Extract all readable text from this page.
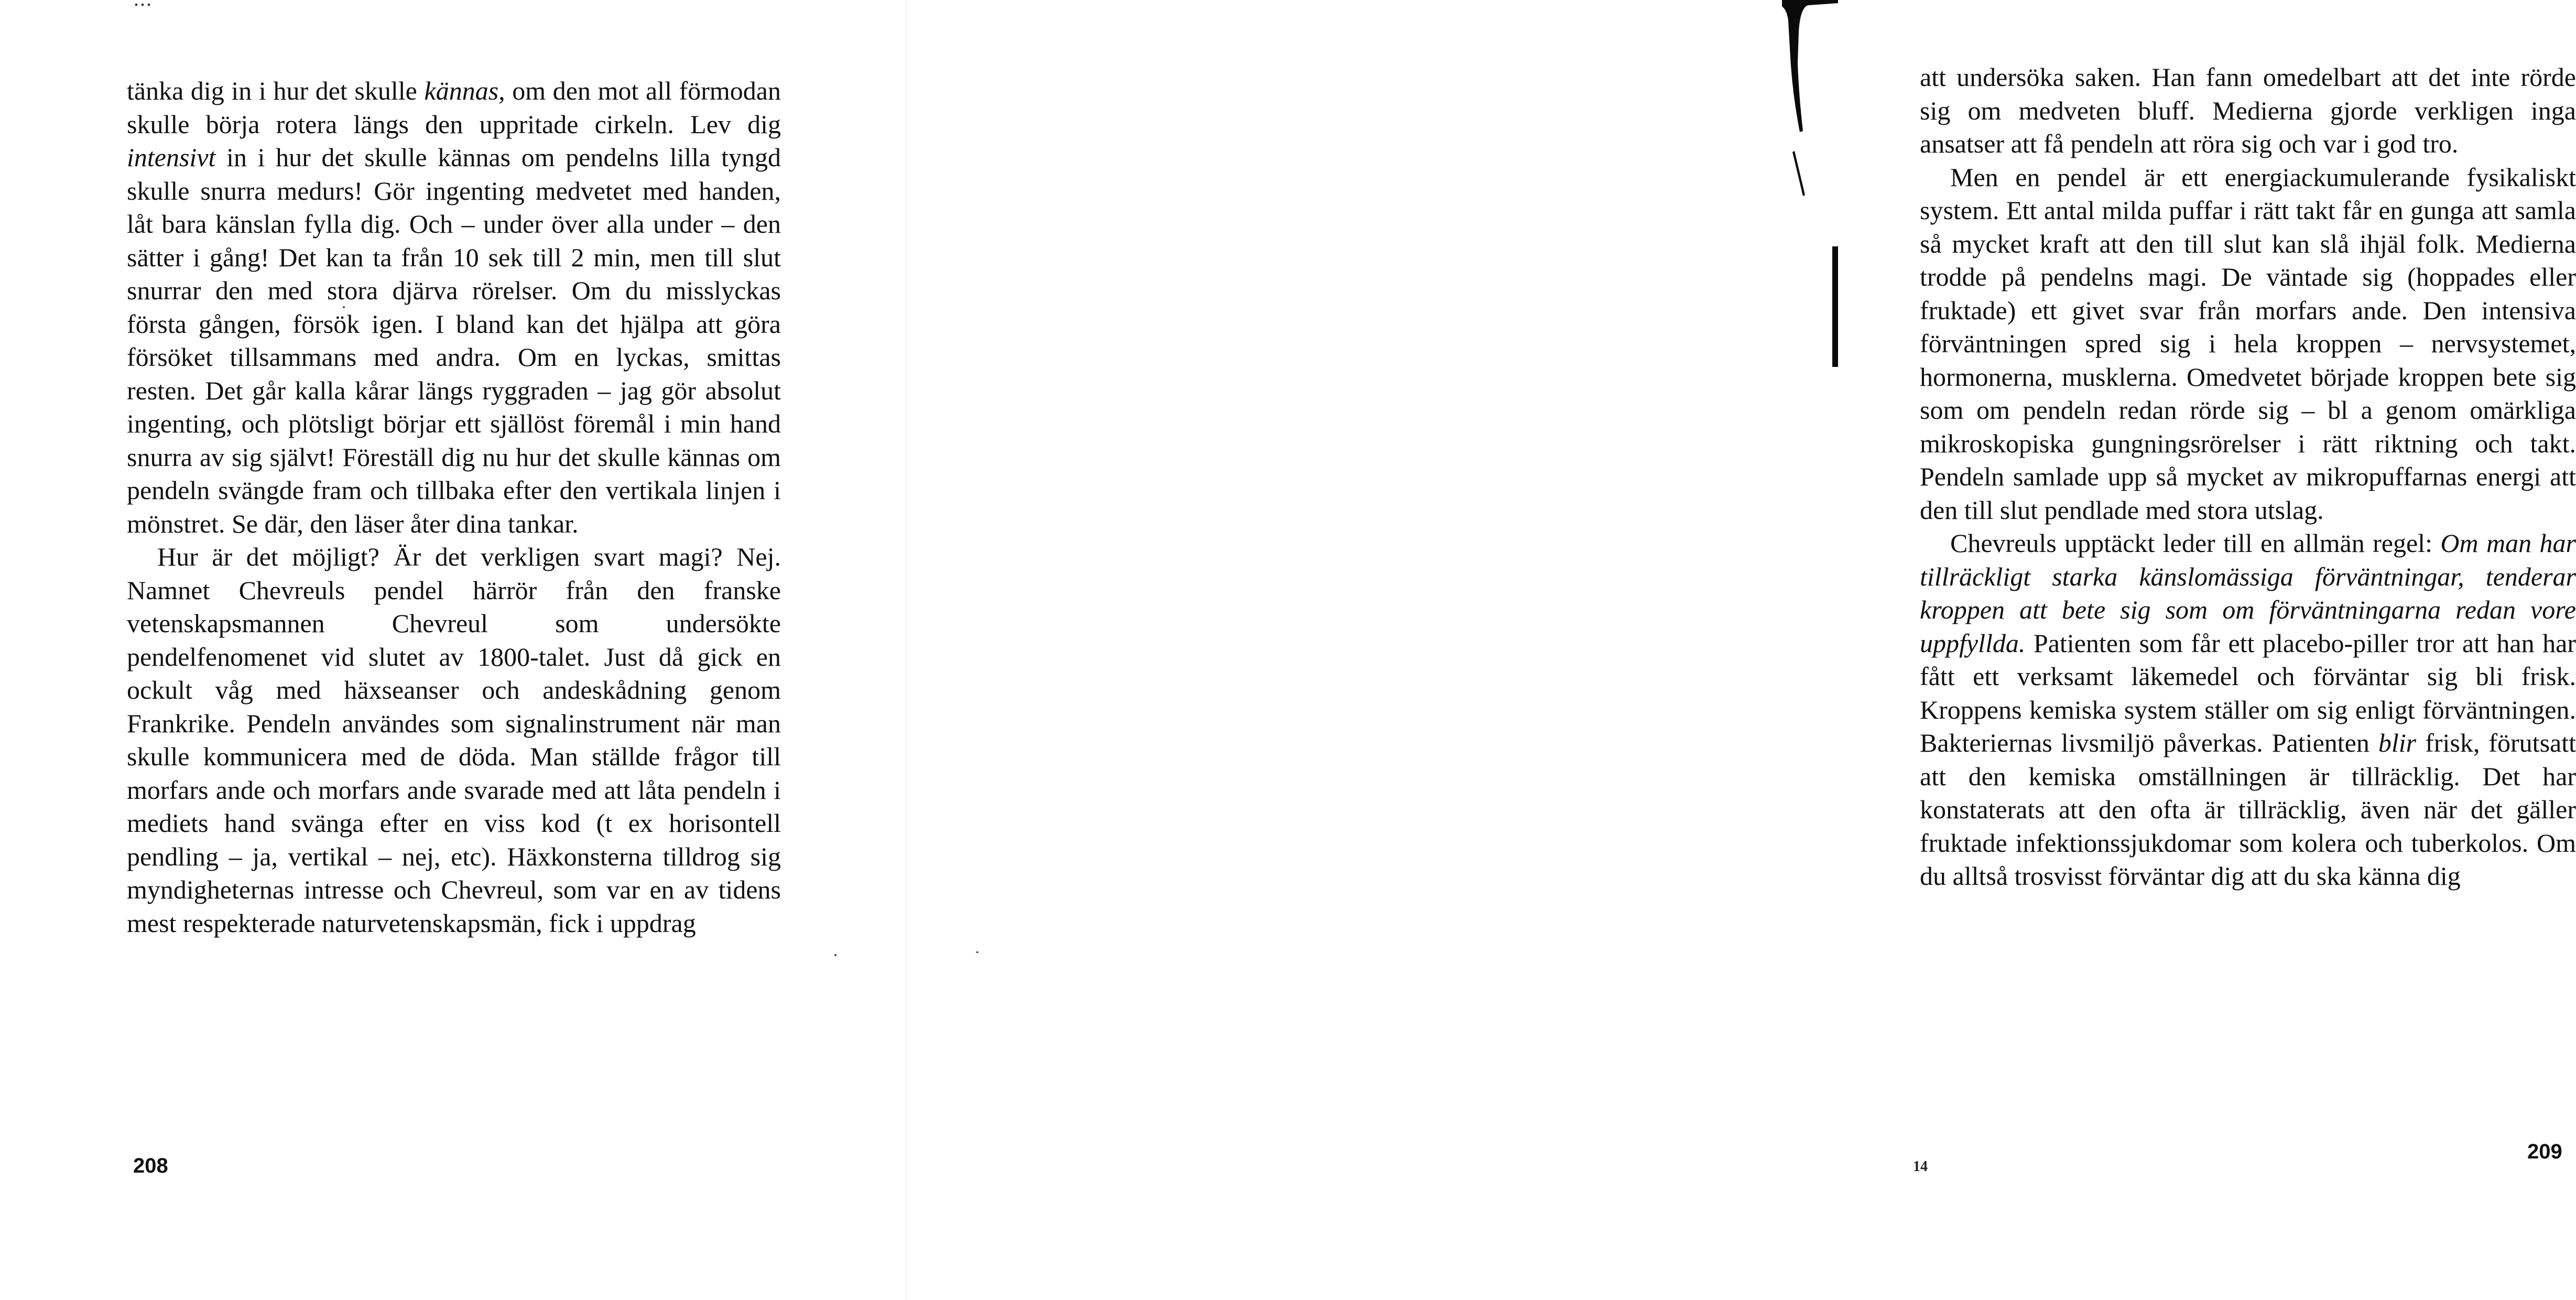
tänka dig in i hur det skulle kännas, om den mot all förmodan skulle börja rotera längs den uppritade cirkeln. Lev dig intensivt in i hur det skulle kännas om pendelns lilla tyngd skulle snurra medurs! Gör ingenting medvetet med handen, låt bara känslan fylla dig. Och – under över alla under – den sätter i gång! Det kan ta från 10 sek till 2 min, men till slut snurrar den med stora djärva rörelser. Om du misslyckas första gången, försök igen. I bland kan det hjälpa att göra försöket tillsammans med andra. Om en lyckas, smittas resten. Det går kalla kårar längs ryggraden – jag gör absolut ingenting, och plötsligt börjar ett själlöst föremål i min hand snurra av sig självt! Föreställ dig nu hur det skulle kännas om pendeln svängde fram och tillbaka efter den vertikala linjen i mönstret. Se där, den läser åter dina tankar.

Hur är det möjligt? Är det verkligen svart magi? Nej. Namnet Chevreuls pendel härrör från den franske vetenskapsmannen Chevreul som undersökte pendelfenomenet vid slutet av 1800-talet. Just då gick en ockult våg med häxseanser och andeskådning genom Frankrike. Pendeln användes som signalinstrument när man skulle kommunicera med de döda. Man ställde frågor till morfars ande och morfars ande svarade med att låta pendeln i mediets hand svänga efter en viss kod (t ex horisontell pendling – ja, vertikal – nej, etc). Häxkonsterna tilldrog sig myndigheternas intresse och Chevreul, som var en av tidens mest respekterade naturvetenskapsmän, fick i uppdrag

208

att undersöka saken. Han fann omedelbart att det inte rörde sig om medveten bluff. Medierna gjorde verkligen inga ansatser att få pendeln att röra sig och var i god tro.

Men en pendel är ett energiackumulerande fysikaliskt system. Ett antal milda puffar i rätt takt får en gunga att samla så mycket kraft att den till slut kan slå ihjäl folk. Medierna trodde på pendelns magi. De väntade sig (hoppades eller fruktade) ett givet svar från morfars ande. Den intensiva förväntningen spred sig i hela kroppen – nervsystemet, hormonerna, musklerna. Omedvetet började kroppen bete sig som om pendeln redan rörde sig – bl a genom omärkliga mikroskopiska gungningsrörelser i rätt riktning och takt. Pendeln samlade upp så mycket av mikropuffarnas energi att den till slut pendlade med stora utslag.

Chevreuls upptäckt leder till en allmän regel: Om man har tillräckligt starka känslomässiga förväntningar, tenderar kroppen att bete sig som om förväntningarna redan vore uppfyllda. Patienten som får ett placebo-piller tror att han har fått ett verksamt läkemedel och förväntar sig bli frisk. Kroppens kemiska system ställer om sig enligt förväntningen. Bakteriernas livsmiljö påverkas. Patienten blir frisk, förutsatt att den kemiska omställningen är tillräcklig. Det har konstaterats att den ofta är tillräcklig, även när det gäller fruktade infektionssjukdomar som kolera och tuberkolos. Om du alltså trosvisst förväntar dig att du ska känna dig

14
209
